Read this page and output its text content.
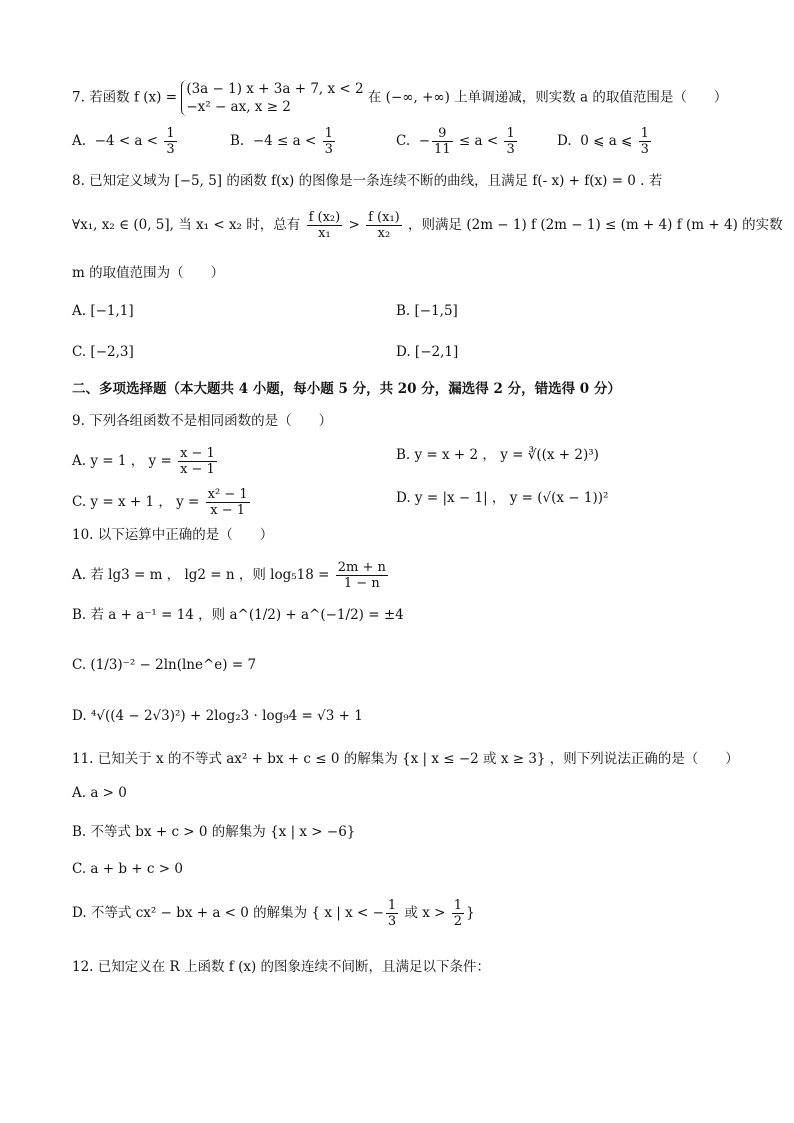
7. 若函数 f (x) =
(3a − 1) x + 3a + 7, x < 2
−x² − ax, x ≥ 2
在 (−∞, +∞) 上单调递减，则实数 a 的取值范围是（　　）
A. $-4 < a < \frac{1}{3}$	B. $-4 \le a < \frac{1}{3}$	C. − $\frac{9}{11} \le a < \frac{1}{3}$	D. 0 ⩽ a ⩽ $\frac{1}{3}$
8. 已知定义域为 [−5, 5] 的函数 f(x) 的图像是一条连续不断的曲线，且满足 f(- x) + f(x) = 0 . 若
∀x₁, x₂ ∈ (0, 5], 当 x₁ < x₂ 时，总有 $\frac{\text{f (x₂)}}{\text{x₁}} > \frac{\text{f (x₁)}}{\text{x₂}}$ ，则满足 (2m − 1) f (2m − 1) ≤ (m + 4) f (m + 4) 的实数
m 的取值范围为（　　）
A. [−1,1]	B. [−1,5]
C. [−2,3]	D. [−2,1]
二、多项选择题（本大题共 4 小题，每小题 5 分，共 20 分，漏选得 2 分，错选得 0 分）
9. 下列各组函数不是相同函数的是（　　）
A. y = 1 ， $y = \frac{x - 1}{x - 1}$	B. y = x + 2 ， y = ∛((x + 2)³)
C. y = x + 1 ， $y = \frac{\text{x² − 1}}{x - 1}$	D. y = |x − 1| ， y = (√(x − 1))²
10. 以下运算中正确的是（　　）
A. 若 lg3 = m ， lg2 = n ，则 $\log_518 = \frac{2m + n}{1 - n}$
B. 若 a + a⁻¹ = 14 ，则 a^(1/2) + a^(−1/2) = ±4
C. (1/3)⁻² − 2ln(lne^e) = 7
D. ⁴√((4 − 2√3)²) + 2log₂3 · log₉4 = √3 + 1
11. 已知关于 x 的不等式 ax² + bx + c ≤ 0 的解集为 {x | x ≤ −2 或 x ≥ 3} ，则下列说法正确的是（　　）
A. a > 0
B. 不等式 bx + c > 0 的解集为 {x | x > −6}
C. a + b + c > 0
D. 不等式 cx² − bx + a < 0 的解集为 { x | x < − $\frac{1}{3}$ 或 $x > \frac{1}{2}$ }
12. 已知定义在 R 上函数 f (x) 的图象连续不间断，且满足以下条件：
